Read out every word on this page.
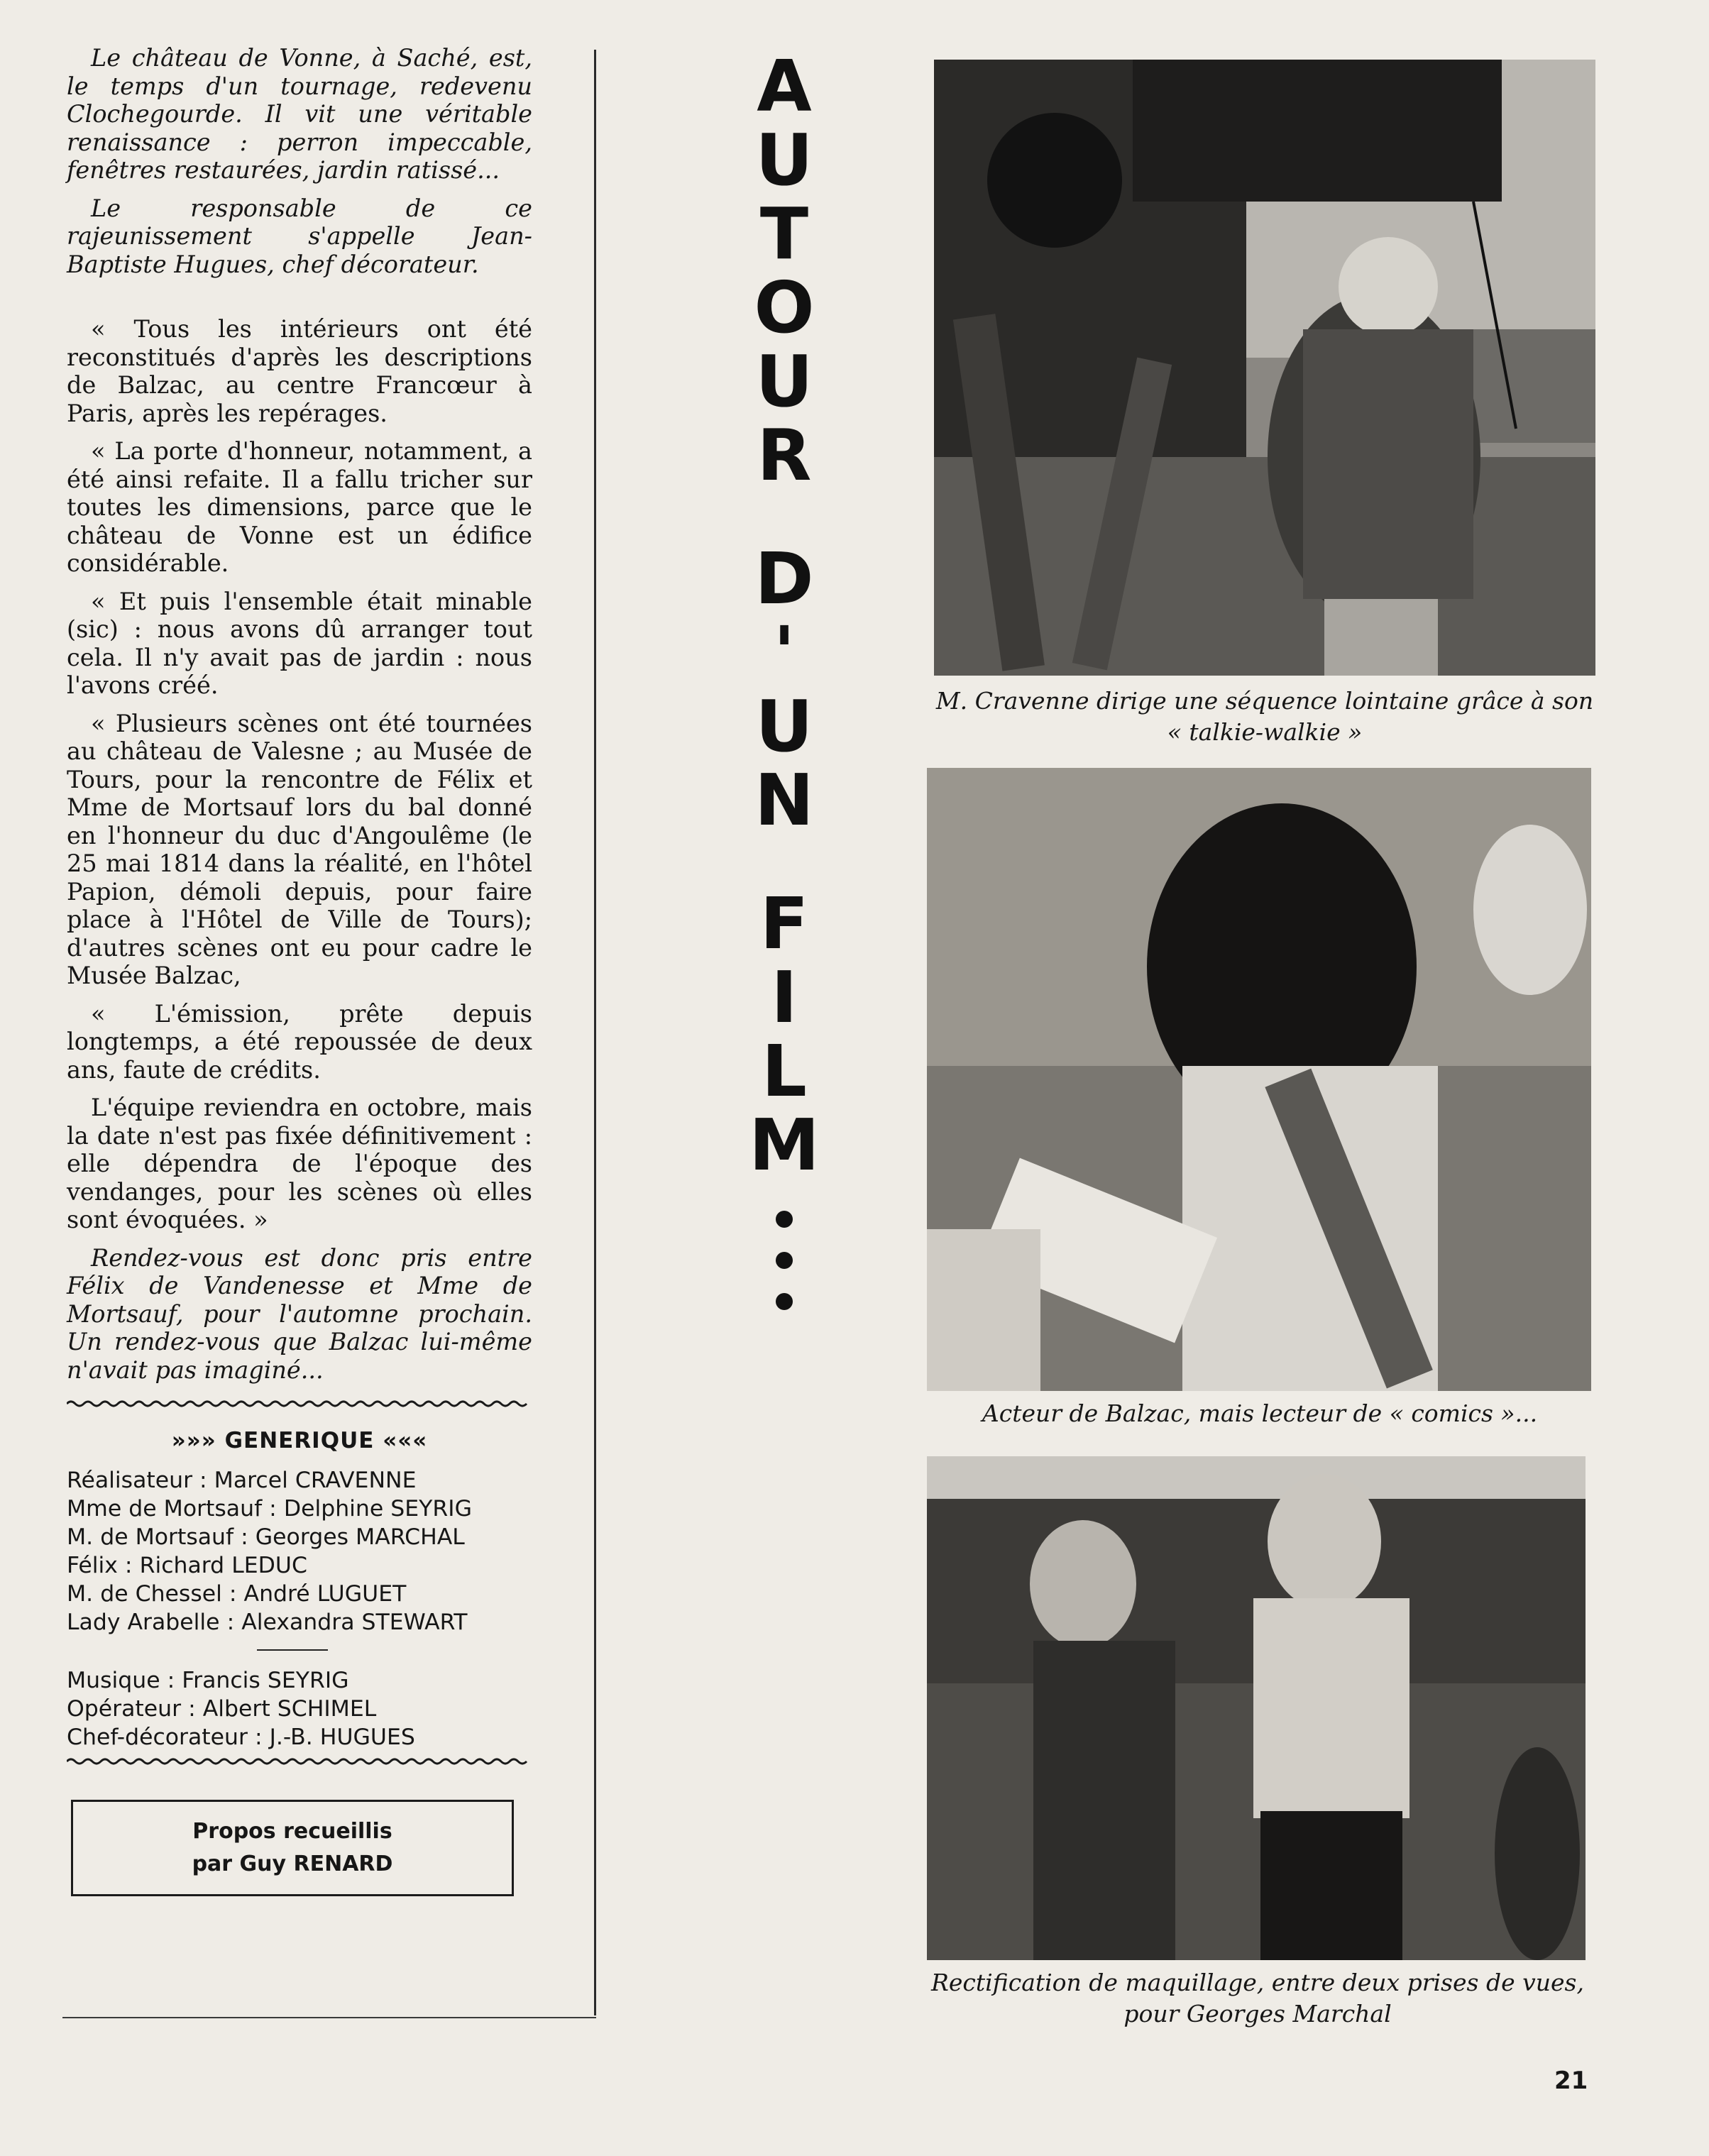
Le château de Vonne, à Saché, est, le temps d'un tournage, redevenu Clochegourde. Il vit une véritable renaissance : perron impeccable, fenêtres restaurées, jardin ratissé...

Le responsable de ce rajeunissement s'appelle Jean-Baptiste Hugues, chef décorateur.

« Tous les intérieurs ont été reconstitués d'après les descriptions de Balzac, au centre Francœur à Paris, après les repérages.

« La porte d'honneur, notamment, a été ainsi refaite. Il a fallu tricher sur toutes les dimensions, parce que le château de Vonne est un édifice considérable.

« Et puis l'ensemble était minable (sic) : nous avons dû arranger tout cela. Il n'y avait pas de jardin : nous l'avons créé.

« Plusieurs scènes ont été tournées au château de Valesne ; au Musée de Tours, pour la rencontre de Félix et Mme de Mortsauf lors du bal donné en l'honneur du duc d'Angoulême (le 25 mai 1814 dans la réalité, en l'hôtel Papion, démoli depuis, pour faire place à l'Hôtel de Ville de Tours); d'autres scènes ont eu pour cadre le Musée Balzac,

« L'émission, prête depuis longtemps, a été repoussée de deux ans, faute de crédits.

L'équipe reviendra en octobre, mais la date n'est pas fixée définitivement : elle dépendra de l'époque des vendanges, pour les scènes où elles sont évoquées. »

Rendez-vous est donc pris entre Félix de Vandenesse et Mme de Mortsauf, pour l'automne prochain. Un rendez-vous que Balzac lui-même n'avait pas imaginé...

»»» GENERIQUE «««

Réalisateur : Marcel CRAVENNE

Mme de Mortsauf : Delphine SEYRIG

M. de Mortsauf : Georges MARCHAL

Félix : Richard LEDUC

M. de Chessel : André LUGUET

Lady Arabelle : Alexandra STEWART

Musique : Francis SEYRIG

Opérateur : Albert SCHIMEL

Chef-décorateur : J.-B. HUGUES

Propos recueillis
par Guy RENARD
A
U
T
O
U
R
D
'
U
N
F
I
L
M
M. Cravenne dirige une séquence lointaine grâce à son « talkie-walkie »
Acteur de Balzac, mais lecteur de « comics »...
Rectification de maquillage, entre deux prises de vues, pour Georges Marchal
21
